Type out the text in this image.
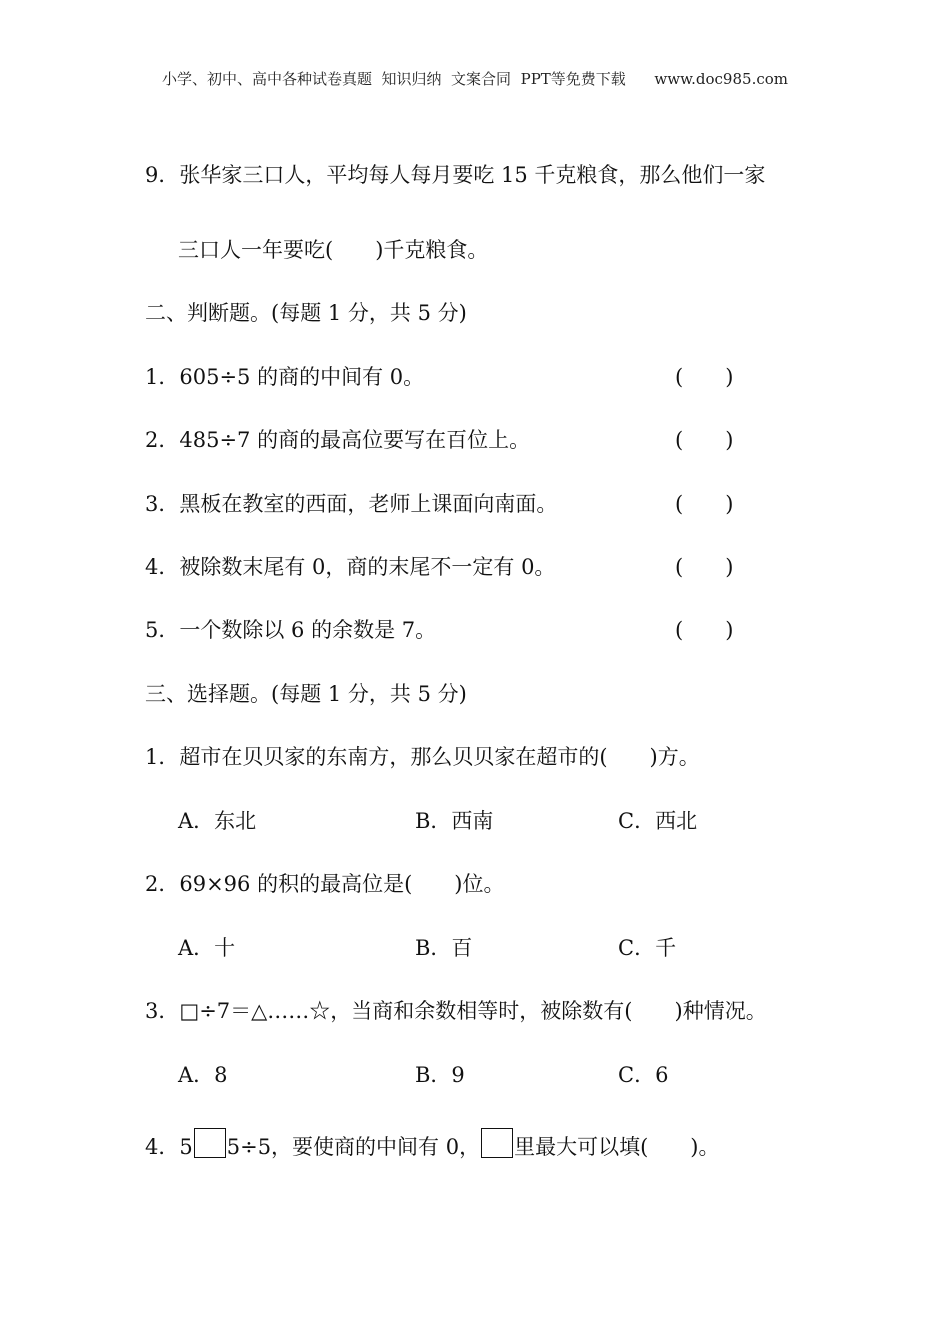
小学、初中、高中各种试卷真题  知识归纳  文案合同  PPT等免费下载      www.doc985.com
9．张华家三口人，平均每人每月要吃 15 千克粮食，那么他们一家
三口人一年要吃(　　)千克粮食。
二、判断题。(每题 1 分，共 5 分)
1．605÷5 的商的中间有 0。	(　　)
2．485÷7 的商的最高位要写在百位上。	(　　)
3．黑板在教室的西面，老师上课面向南面。	(　　)
4．被除数末尾有 0，商的末尾不一定有 0。	(　　)
5．一个数除以 6 的余数是 7。	(　　)
三、选择题。(每题 1 分，共 5 分)
1．超市在贝贝家的东南方，那么贝贝家在超市的(　　)方。
A．东北	B．西南	C．西北
2．69×96 的积的最高位是(　　)位。
A．十	B．百	C．千
3．□÷7＝△……☆，当商和余数相等时，被除数有(　　)种情况。
A．8	B．9	C．6
4．5 5÷5，要使商的中间有 0， 里最大可以填(　　)。
